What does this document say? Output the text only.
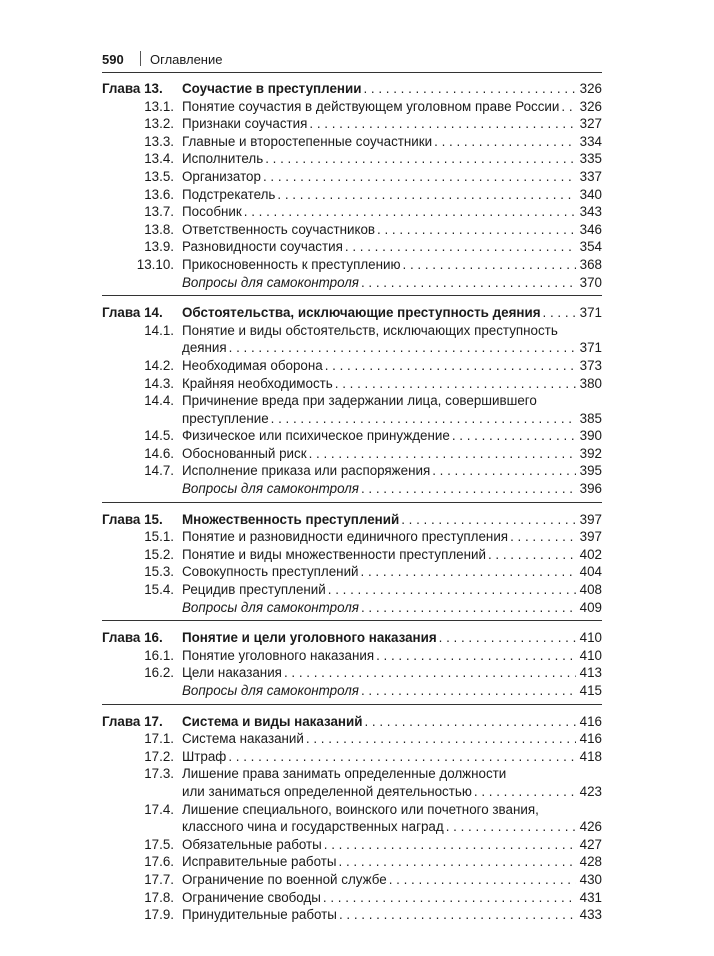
590 Оглавление
Глава 13.	Соучастие в преступлении . . .	326
13.1. Понятие соучастия в действующем уголовном праве России . . . 326
13.2. Признаки соучастия . . .	327
13.3. Главные и второстепенные соучастники . . .	334
13.4. Исполнитель . . .	335
13.5. Организатор . . .	337
13.6. Подстрекатель . . .	340
13.7. Пособник . . .	343
13.8. Ответственность соучастников . . .	346
13.9. Разновидности соучастия . . .	354
13.10. Прикосновенность к преступлению . . .	368
Вопросы для самоконтроля . . .	370
Глава 14.	Обстоятельства, исключающие преступность деяния . . .	371
14.1. Понятие и виды обстоятельств, исключающих преступность
деяния . . .	371
14.2. Необходимая оборона . . .	373
14.3. Крайняя необходимость . . .	380
14.4. Причинение вреда при задержании лица, совершившего
преступление . . .	385
14.5. Физическое или психическое принуждение . . .	390
14.6. Обоснованный риск . . .	392
14.7. Исполнение приказа или распоряжения . . .	395
Вопросы для самоконтроля . . .	396
Глава 15.	Множественность преступлений . . .	397
15.1. Понятие и разновидности единичного преступления . . .	397
15.2. Понятие и виды множественности преступлений . . .	402
15.3. Совокупность преступлений . . .	404
15.4. Рецидив преступлений . . .	408
Вопросы для самоконтроля . . .	409
Глава 16.	Понятие и цели уголовного наказания . . .	410
16.1. Понятие уголовного наказания . . .	410
16.2. Цели наказания . . .	413
Вопросы для самоконтроля . . .	415
Глава 17.	Система и виды наказаний . . .	416
17.1. Система наказаний . . .	416
17.2. Штраф . . .	418
17.3. Лишение права занимать определенные должности
или заниматься определенной деятельностью . . .	423
17.4. Лишение специального, воинского или почетного звания,
классного чина и государственных наград . . .	426
17.5. Обязательные работы . . .	427
17.6. Исправительные работы . . .	428
17.7. Ограничение по военной службе . . .	430
17.8. Ограничение свободы . . .	431
17.9. Принудительные работы . . .	433
